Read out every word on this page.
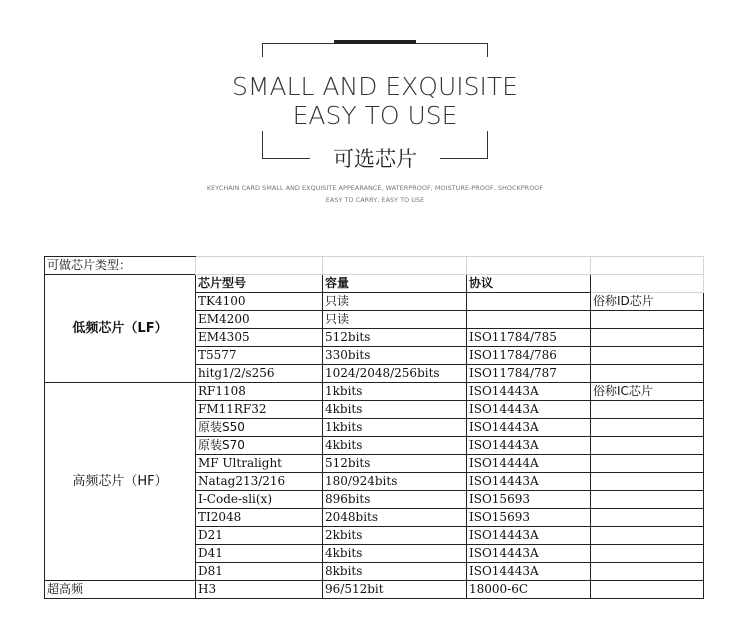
SMALL AND EXQUISITE
EASY TO USE
可选芯片
KEYCHAIN CARD SMALL AND EXQUISITE APPEARANCE, WATERPROOF, MOISTURE-PROOF, SHOCKPROOF
EASY TO CARRY, EASY TO USE
可做芯片类型：				
低频芯片（LF）	芯片型号	容量	协议	
	TK4100	只读		俗称ID芯片
	EM4200	只读		
	EM4305	512bits	ISO11784/785	
	T5577	330bits	ISO11784/786	
	hitg1/2/s256	1024/2048/256bits	ISO11784/787	
高频芯片（HF）	RF1108	1kbits	ISO14443A	俗称IC芯片
	FM11RF32	4kbits	ISO14443A	
	原装S50	1kbits	ISO14443A	
	原装S70	4kbits	ISO14443A	
	MF Ultralight	512bits	ISO14444A	
	Natag213/216	180/924bits	ISO14443A	
	I-Code-sli(x)	896bits	ISO15693	
	TI2048	2048bits	ISO15693	
	D21	2kbits	ISO14443A	
	D41	4kbits	ISO14443A	
	D81	8kbits	ISO14443A	
超高频	H3	96/512bit	18000-6C	
